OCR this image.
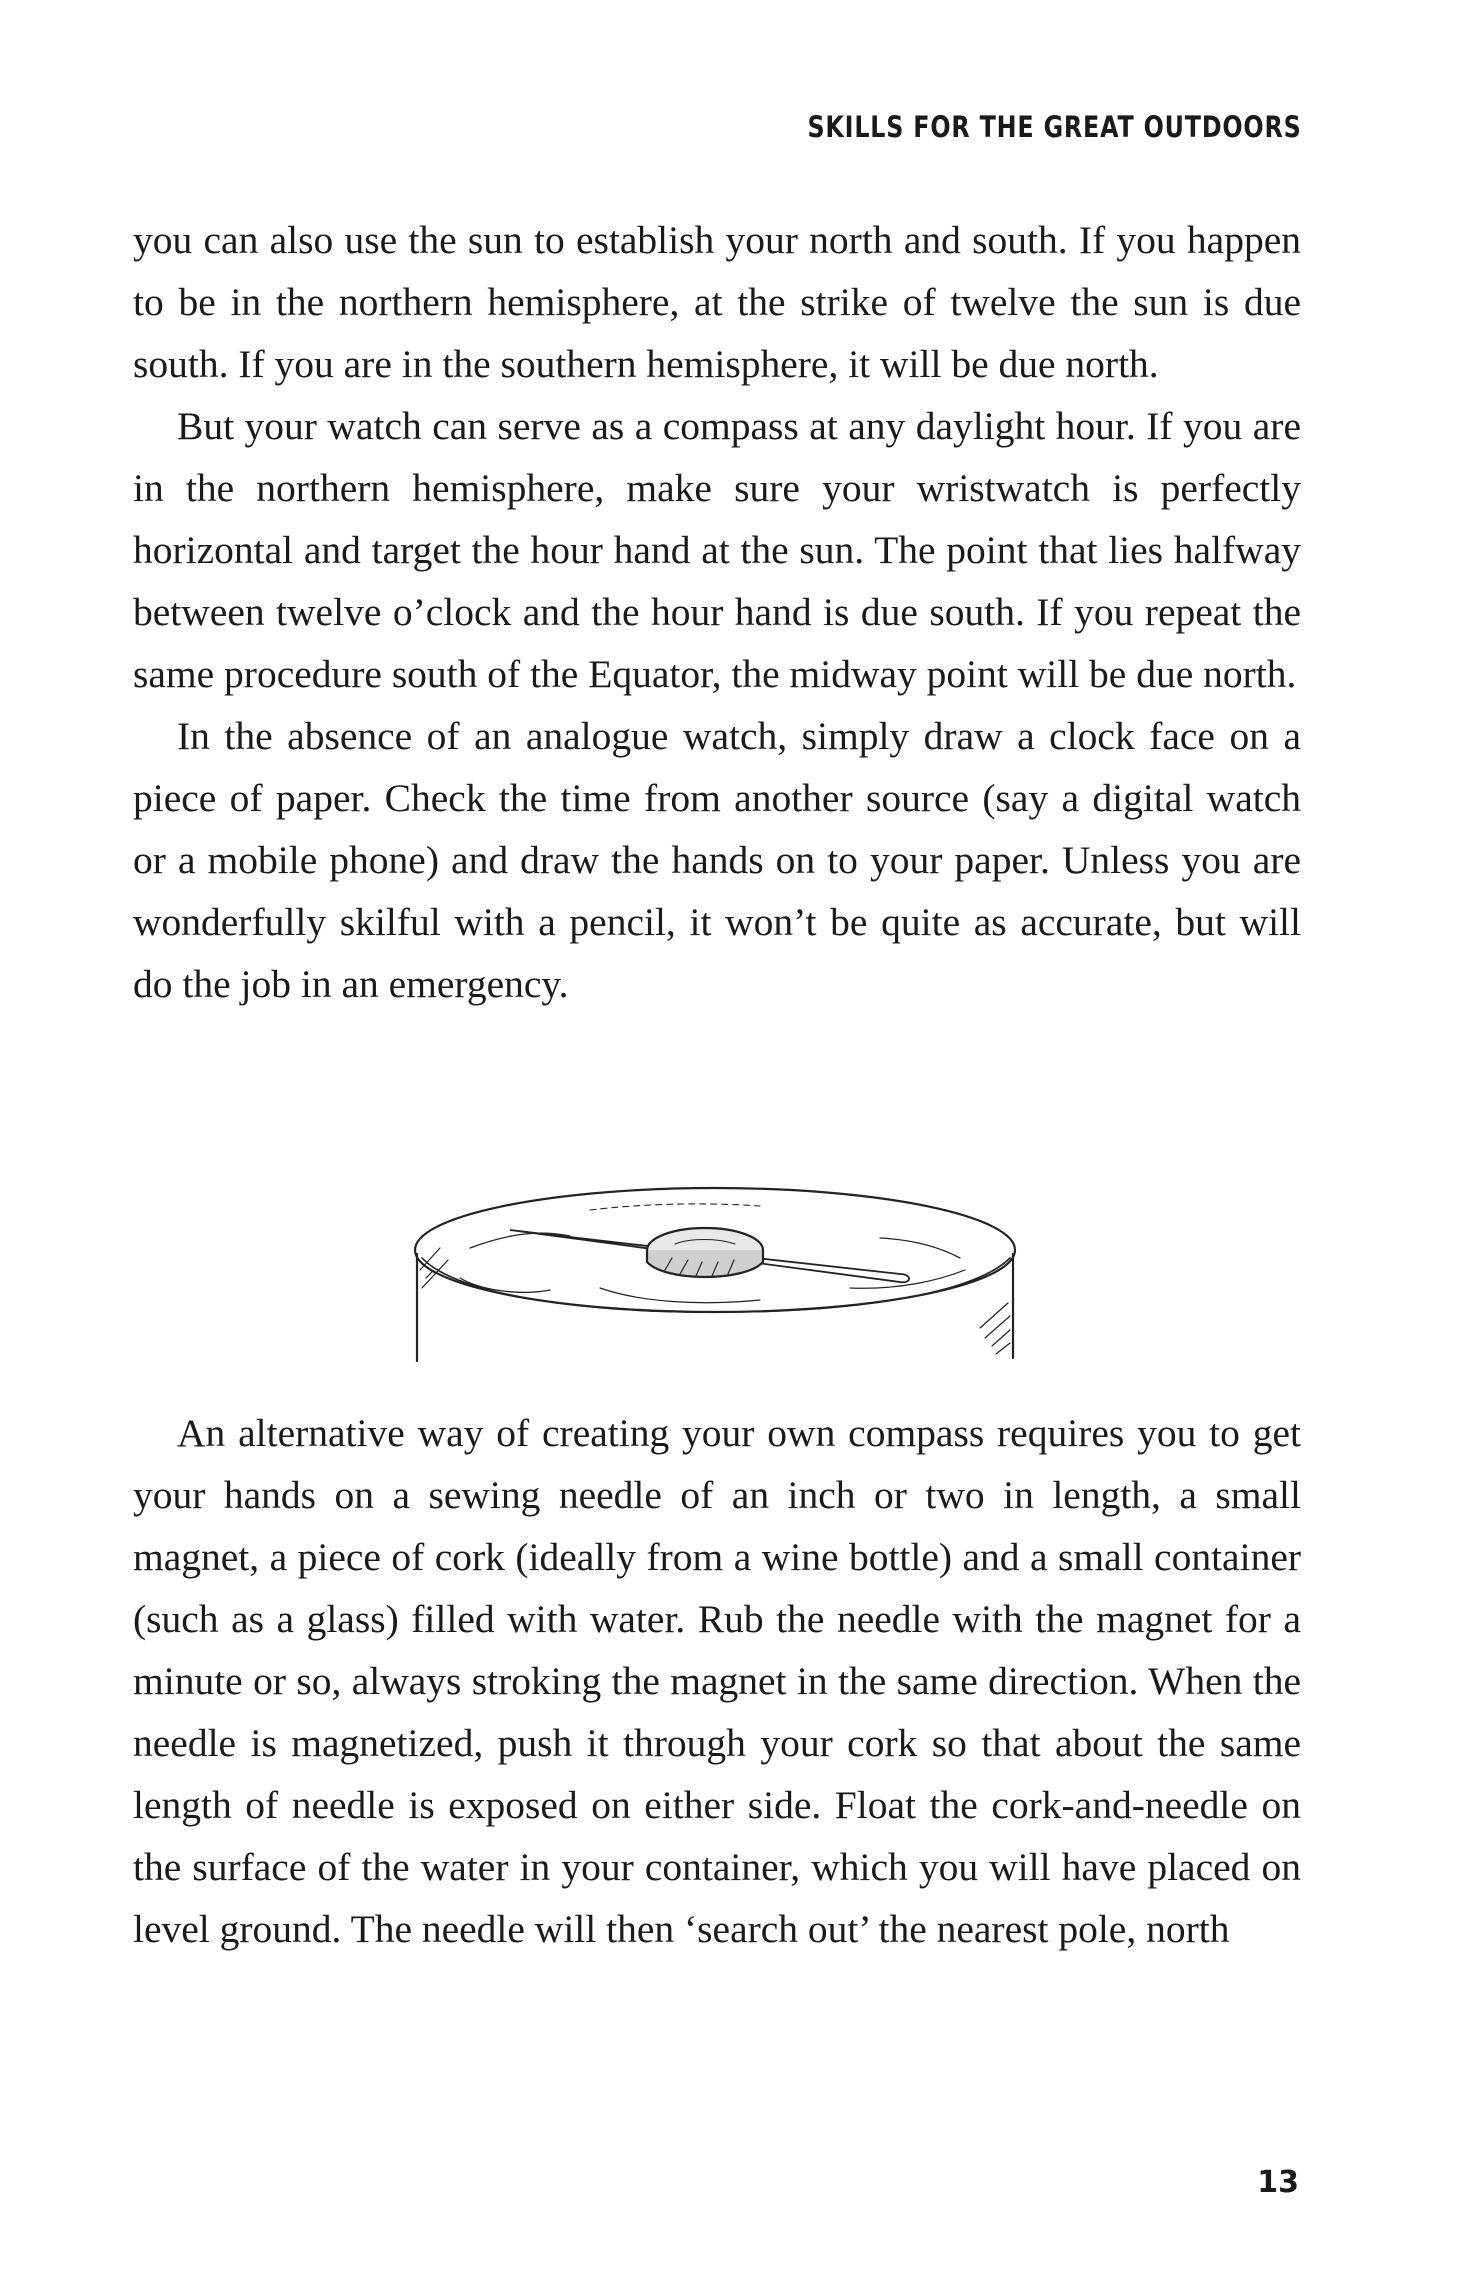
SKILLS FOR THE GREAT OUTDOORS

you can also use the sun to establish your north and south. If you happen to be in the northern hemisphere, at the strike of twelve the sun is due south. If you are in the southern hemisphere, it will be due north.

But your watch can serve as a compass at any daylight hour. If you are in the northern hemisphere, make sure your wristwatch is perfectly horizontal and target the hour hand at the sun. The point that lies halfway between twelve o’clock and the hour hand is due south. If you repeat the same procedure south of the Equator, the midway point will be due north.

In the absence of an analogue watch, simply draw a clock face on a piece of paper. Check the time from another source (say a digital watch or a mobile phone) and draw the hands on to your paper. Unless you are wonderfully skilful with a pencil, it won’t be quite as accurate, but will do the job in an emergency.

An alternative way of creating your own compass requires you to get your hands on a sewing needle of an inch or two in length, a small magnet, a piece of cork (ideally from a wine bottle) and a small container (such as a glass) filled with water. Rub the needle with the magnet for a minute or so, always stroking the magnet in the same direction. When the needle is magnetized, push it through your cork so that about the same length of needle is exposed on either side. Float the cork-and-needle on the surface of the water in your container, which you will have placed on level ground. The needle will then ‘search out’ the nearest pole, north

13
